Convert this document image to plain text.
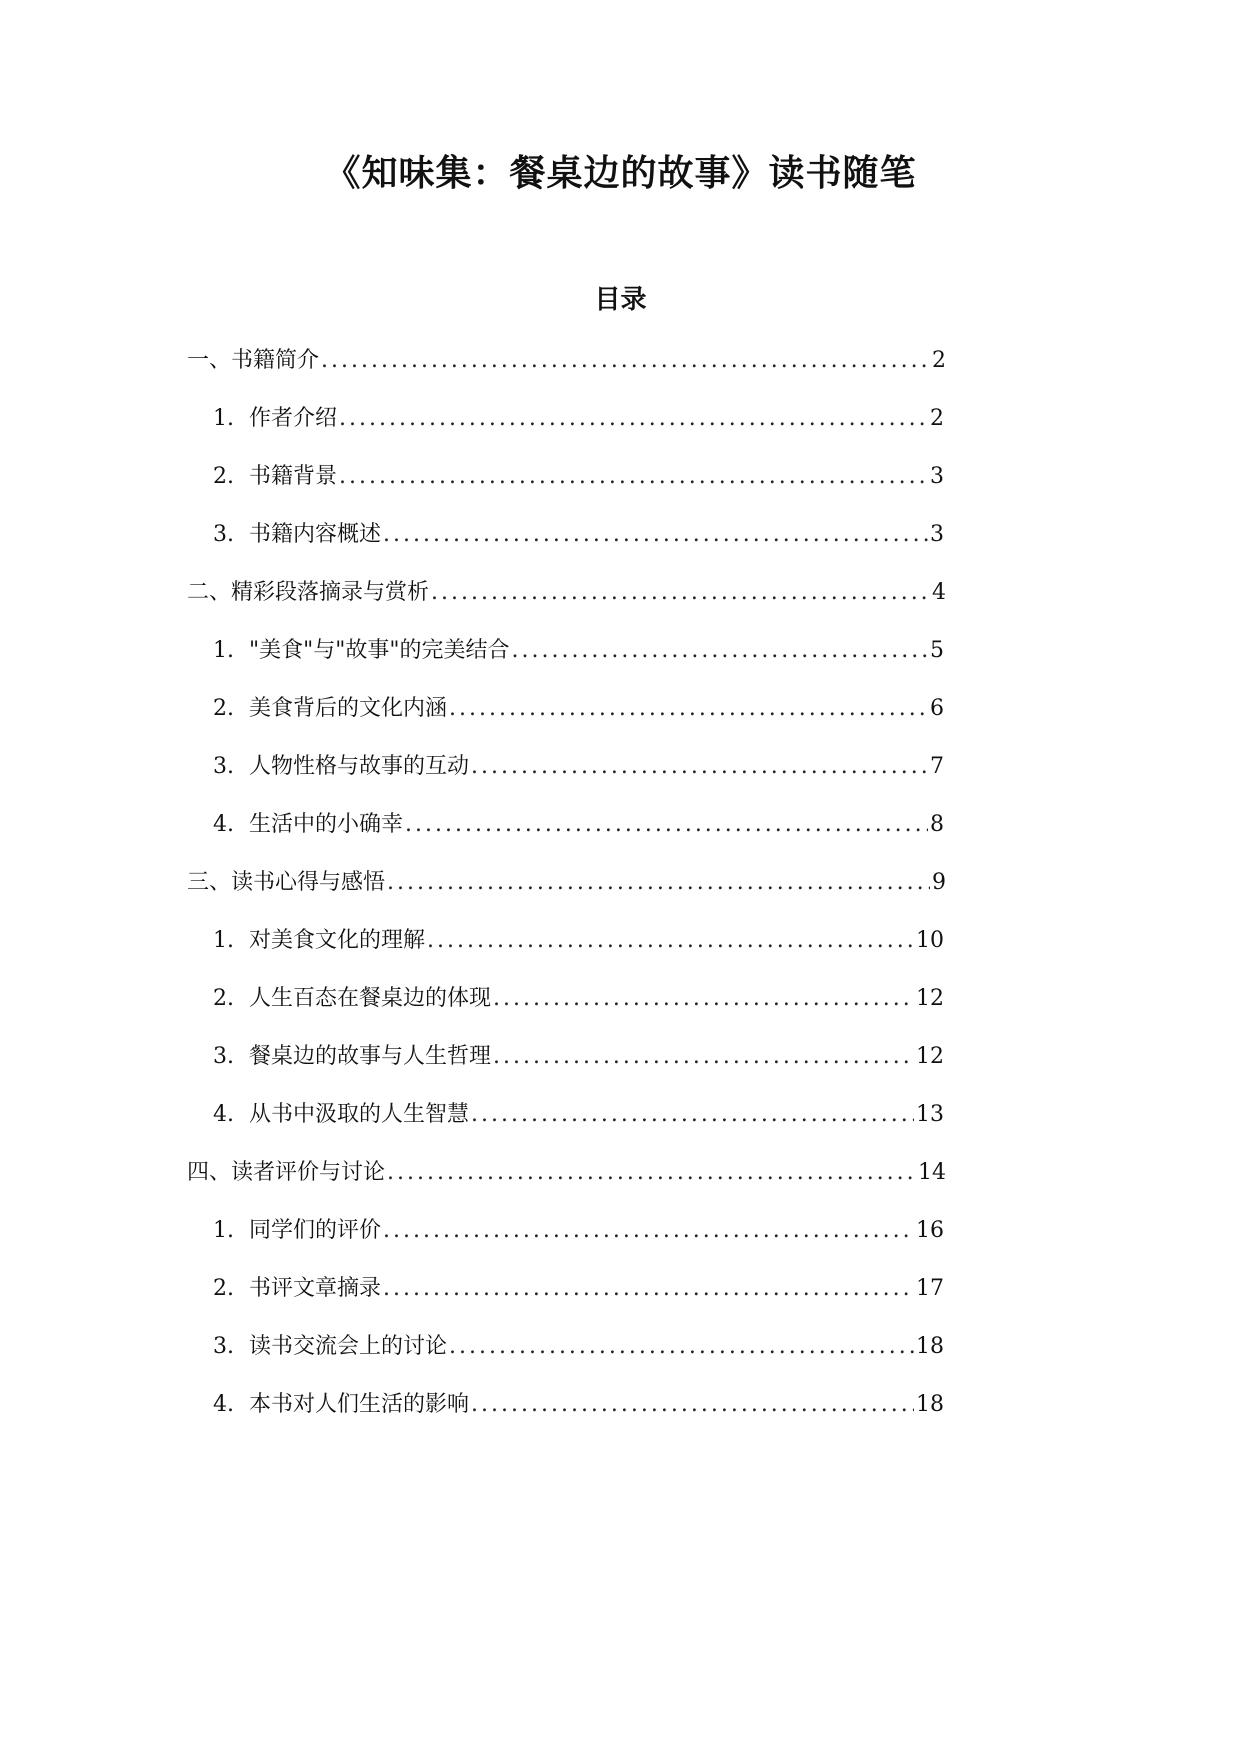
《知味集：餐桌边的故事》读书随笔
目录
一、书籍简介 .....	2
1. 作者介绍 .....	2
2. 书籍背景 .....	3
3. 书籍内容概述 .....	3
二、精彩段落摘录与赏析 .....	4
1. "美食"与"故事"的完美结合 .....	5
2. 美食背后的文化内涵 .....	6
3. 人物性格与故事的互动 .....	7
4. 生活中的小确幸 .....	8
三、读书心得与感悟 .....	9
1. 对美食文化的理解 .....	10
2. 人生百态在餐桌边的体现 .....	12
3. 餐桌边的故事与人生哲理 .....	12
4. 从书中汲取的人生智慧 .....	13
四、读者评价与讨论 .....	14
1. 同学们的评价 .....	16
2. 书评文章摘录 .....	17
3. 读书交流会上的讨论 .....	18
4. 本书对人们生活的影响 .....	18
